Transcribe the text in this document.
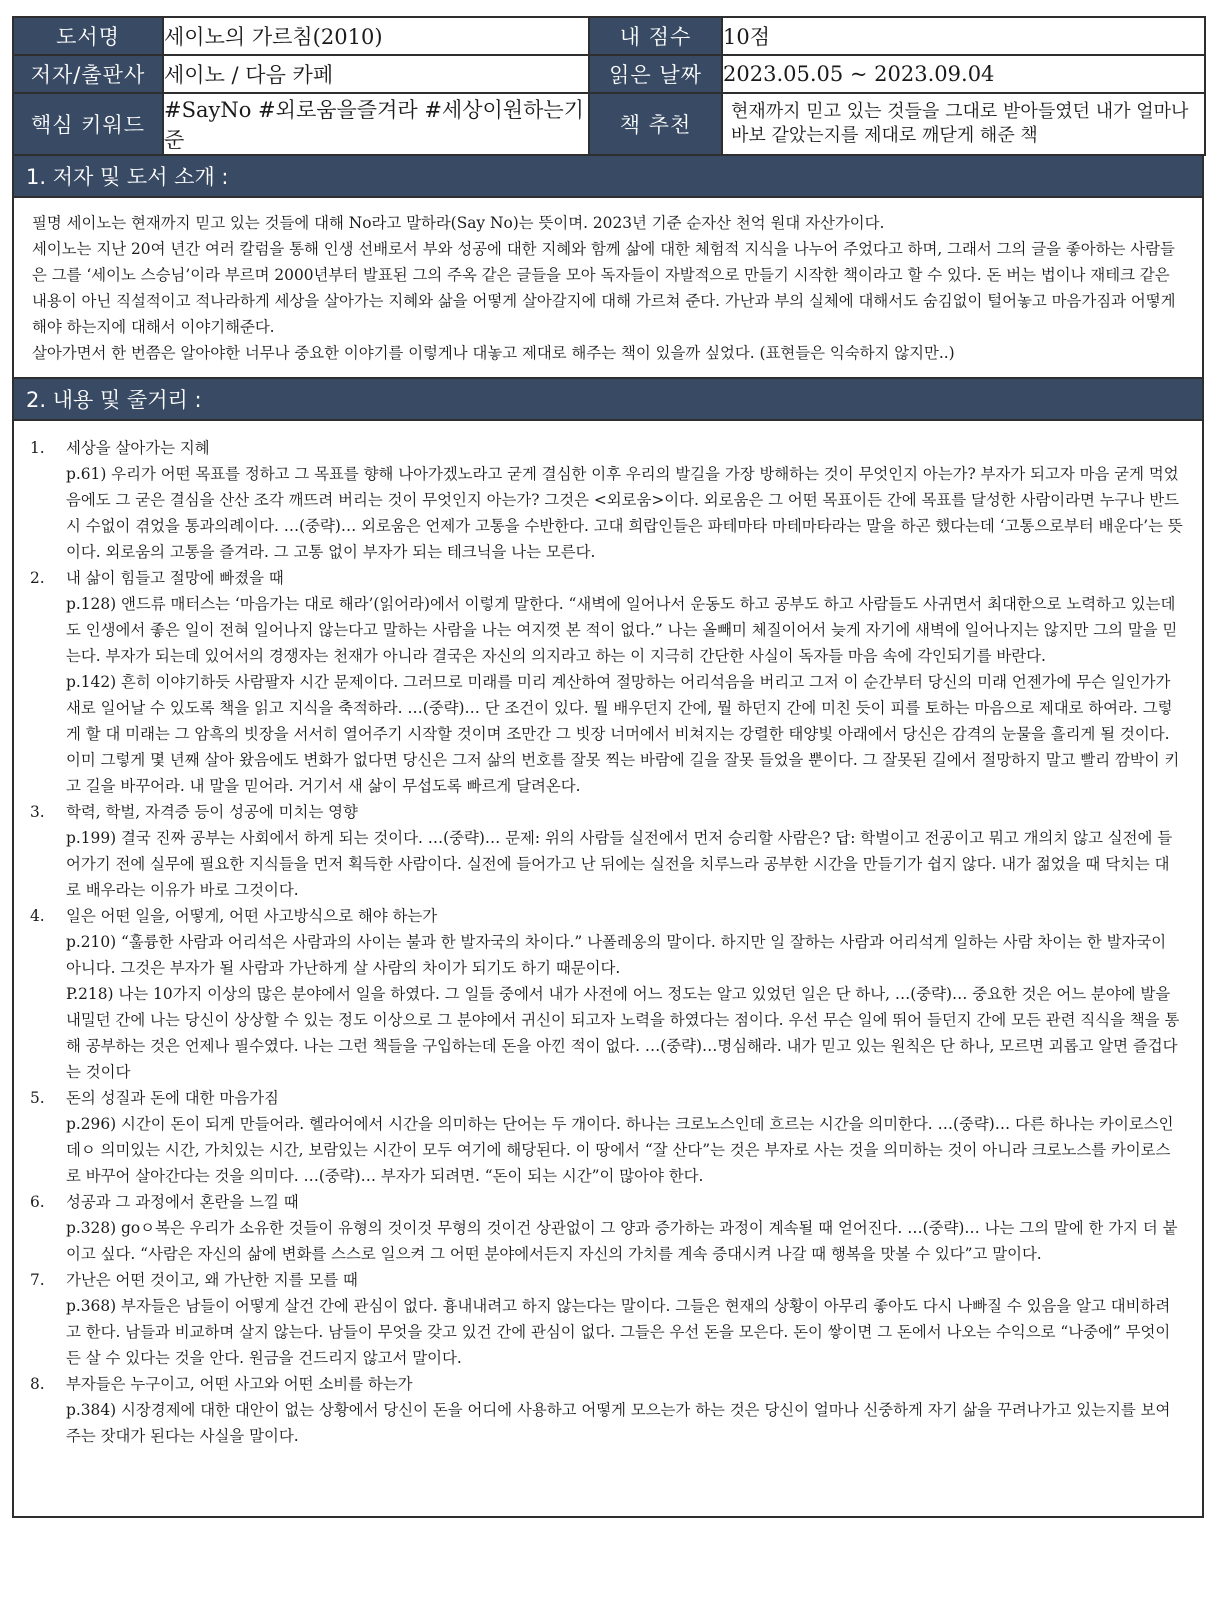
도서명	세이노의 가르침(2010)	내 점수	10점
저자/출판사	세이노 / 다음 카페	읽은 날짜	2023.05.05 ~ 2023.09.04
핵심 키워드	#SayNo #외로움을즐겨라 #세상이원하는기준	책 추천	현재까지 믿고 있는 것들을 그대로 받아들였던 내가 얼마나 바보 같았는지를 제대로 깨닫게 해준 책
1. 저자 및 도서 소개 :

필명 세이노는 현재까지 믿고 있는 것들에 대해 No라고 말하라(Say No)는 뜻이며. 2023년 기준 순자산 천억 원대 자산가이다.

세이노는 지난 20여 년간 여러 칼럼을 통해 인생 선배로서 부와 성공에 대한 지혜와 함께 삶에 대한 체험적 지식을 나누어 주었다고 하며, 그래서 그의 글을 좋아하는 사람들은 그를 ‘세이노 스승님’이라 부르며 2000년부터 발표된 그의 주옥 같은 글들을 모아 독자들이 자발적으로 만들기 시작한 책이라고 할 수 있다. 돈 버는 법이나 재테크 같은 내용이 아닌 직설적이고 적나라하게 세상을 살아가는 지혜와 삶을 어떻게 살아갈지에 대해 가르쳐 준다. 가난과 부의 실체에 대해서도 숨김없이 털어놓고 마음가짐과 어떻게 해야 하는지에 대해서 이야기해준다.

살아가면서 한 번쯤은 알아야한 너무나 중요한 이야기를 이렇게나 대놓고 제대로 해주는 책이 있을까 싶었다. (표현들은 익숙하지 않지만..)

2. 내용 및 줄거리 :
1.	세상을 살아가는 지혜

p.61) 우리가 어떤 목표를 정하고 그 목표를 향해 나아가겠노라고 굳게 결심한 이후 우리의 발길을 가장 방해하는 것이 무엇인지 아는가? 부자가 되고자 마음 굳게 먹었음에도 그 굳은 결심을 산산 조각 깨뜨려 버리는 것이 무엇인지 아는가? 그것은 <외로움>이다. 외로움은 그 어떤 목표이든 간에 목표를 달성한 사람이라면 누구나 반드시 수없이 겪었을 통과의례이다. …(중략)… 외로움은 언제가 고통을 수반한다. 고대 희랍인들은 파테마타 마테마타라는 말을 하곤 했다는데 ‘고통으로부터 배운다’는 뜻이다. 외로움의 고통을 즐겨라. 그 고통 없이 부자가 되는 테크닉을 나는 모른다.

2.	내 삶이 힘들고 절망에 빠졌을 때

p.128) 앤드류 매터스는 ‘마음가는 대로 해라’(읽어라)에서 이렇게 말한다. “새벽에 일어나서 운동도 하고 공부도 하고 사람들도 사귀면서 최대한으로 노력하고 있는데도 인생에서 좋은 일이 전혀 일어나지 않는다고 말하는 사람을 나는 여지껏 본 적이 없다.” 나는 올빼미 체질이어서 늦게 자기에 새벽에 일어나지는 않지만 그의 말을 믿는다. 부자가 되는데 있어서의 경쟁자는 천재가 아니라 결국은 자신의 의지라고 하는 이 지극히 간단한 사실이 독자들 마음 속에 각인되기를 바란다.

p.142) 흔히 이야기하듯 사람팔자 시간 문제이다. 그러므로 미래를 미리 계산하여 절망하는 어리석음을 버리고 그저 이 순간부터 당신의 미래 언젠가에 무슨 일인가가 새로 일어날 수 있도록 책을 읽고 지식을 축적하라. …(중략)… 단 조건이 있다. 뭘 배우던지 간에, 뭘 하던지 간에 미친 듯이 피를 토하는 마음으로 제대로 하여라. 그렇게 할 대 미래는 그 암흑의 빗장을 서서히 열어주기 시작할 것이며 조만간 그 빗장 너머에서 비쳐지는 강렬한 태양빛 아래에서 당신은 감격의 눈물을 흘리게 될 것이다. 이미 그렇게 몇 년째 살아 왔음에도 변화가 없다면 당신은 그저 삶의 번호를 잘못 찍는 바람에 길을 잘못 들었을 뿐이다. 그 잘못된 길에서 절망하지 말고 빨리 깜박이 키고 길을 바꾸어라. 내 말을 믿어라. 거기서 새 삶이 무섭도록 빠르게 달려온다.

3.	학력, 학벌, 자격증 등이 성공에 미치는 영향

p.199) 결국 진짜 공부는 사회에서 하게 되는 것이다. …(중략)… 문제: 위의 사람들 실전에서 먼저 승리할 사람은? 답: 학벌이고 전공이고 뭐고 개의치 않고 실전에 들어가기 전에 실무에 필요한 지식들을 먼저 획득한 사람이다. 실전에 들어가고 난 뒤에는 실전을 치루느라 공부한 시간을 만들기가 쉽지 않다. 내가 젊었을 때 닥치는 대로 배우라는 이유가 바로 그것이다.

4.	일은 어떤 일을, 어떻게, 어떤 사고방식으로 해야 하는가

p.210) “훌륭한 사람과 어리석은 사람과의 사이는 불과 한 발자국의 차이다.” 나폴레옹의 말이다. 하지만 일 잘하는 사람과 어리석게 일하는 사람 차이는 한 발자국이 아니다. 그것은 부자가 될 사람과 가난하게 살 사람의 차이가 되기도 하기 때문이다.

P.218) 나는 10가지 이상의 많은 분야에서 일을 하였다. 그 일들 중에서 내가 사전에 어느 정도는 알고 있었던 일은 단 하나, …(중략)… 중요한 것은 어느 분야에 발을 내밀던 간에 나는 당신이 상상할 수 있는 정도 이상으로 그 분야에서 귀신이 되고자 노력을 하였다는 점이다. 우선 무슨 일에 뛰어 들던지 간에 모든 관련 직식을 책을 통해 공부하는 것은 언제나 필수였다. 나는 그런 책들을 구입하는데 돈을 아낀 적이 없다. …(중략)…명심해라. 내가 믿고 있는 원칙은 단 하나, 모르면 괴롭고 알면 즐겁다는 것이다

5.	돈의 성질과 돈에 대한 마음가짐

p.296) 시간이 돈이 되게 만들어라. 헬라어에서 시간을 의미하는 단어는 두 개이다. 하나는 크로노스인데 흐르는 시간을 의미한다. …(중략)… 다른 하나는 카이로스인데ㅇ 의미있는 시간, 가치있는 시간, 보람있는 시간이 모두 여기에 해당된다. 이 땅에서 “잘 산다”는 것은 부자로 사는 것을 의미하는 것이 아니라 크로노스를 카이로스로 바꾸어 살아간다는 것을 의미다. …(중략)… 부자가 되려면. “돈이 되는 시간”이 많아야 한다.

6.	성공과 그 과정에서 혼란을 느낄 때

p.328) goㅇ복은 우리가 소유한 것들이 유형의 것이것 무형의 것이건 상관없이 그 양과 증가하는 과정이 계속될 때 얻어진다. …(중략)… 나는 그의 말에 한 가지 더 붙이고 싶다. “사람은 자신의 삶에 변화를 스스로 일으켜 그 어떤 분야에서든지 자신의 가치를 계속 증대시켜 나갈 때 행복을 맛볼 수 있다”고 말이다.

7.	가난은 어떤 것이고, 왜 가난한 지를 모를 때

p.368) 부자들은 남들이 어떻게 살건 간에 관심이 없다. 흉내내려고 하지 않는다는 말이다. 그들은 현재의 상황이 아무리 좋아도 다시 나빠질 수 있음을 알고 대비하려고 한다. 남들과 비교하며 살지 않는다. 남들이 무엇을 갖고 있건 간에 관심이 없다. 그들은 우선 돈을 모은다. 돈이 쌓이면 그 돈에서 나오는 수익으로 “나중에” 무엇이든 살 수 있다는 것을 안다. 원금을 건드리지 않고서 말이다.

8.	부자들은 누구이고, 어떤 사고와 어떤 소비를 하는가

p.384) 시장경제에 대한 대안이 없는 상황에서 당신이 돈을 어디에 사용하고 어떻게 모으는가 하는 것은 당신이 얼마나 신중하게 자기 삶을 꾸려나가고 있는지를 보여주는 잣대가 된다는 사실을 말이다.
